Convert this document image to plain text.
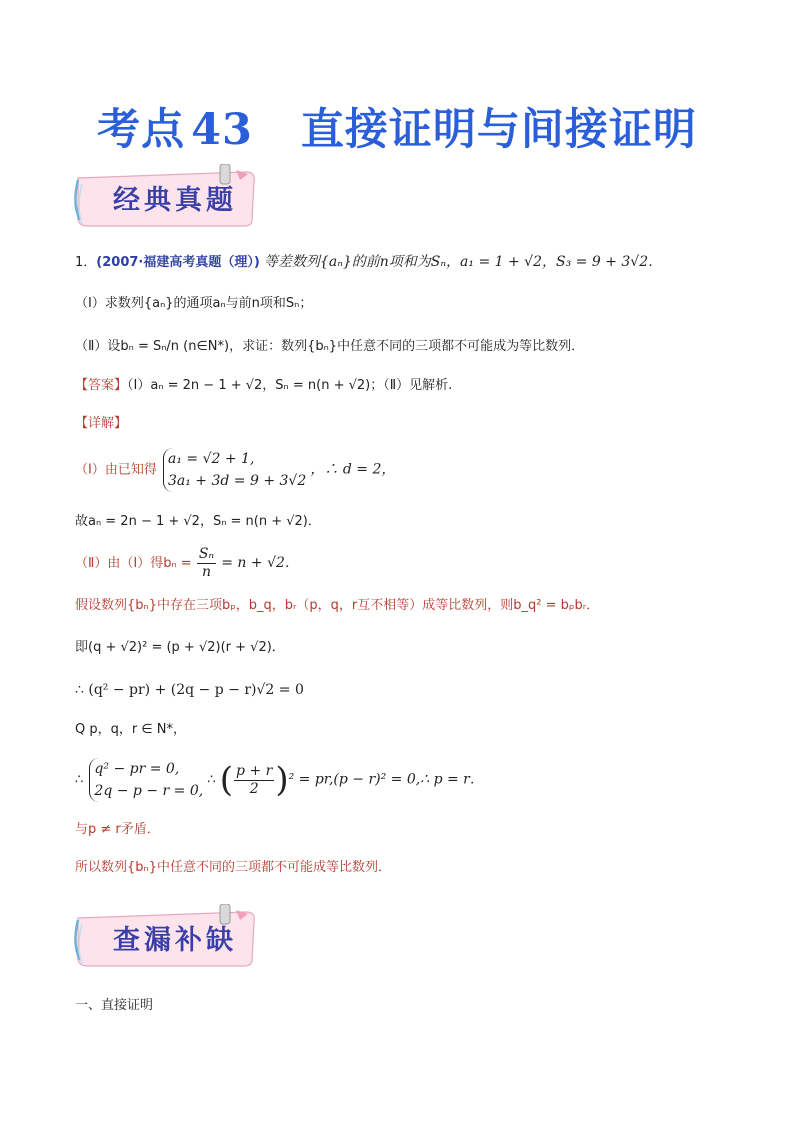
考点 43 直接证明与间接证明
经典真题
1．(2007·福建高考真题（理）) 等差数列{aₙ}的前n项和为Sₙ，a₁ = 1 + √2，S₃ = 9 + 3√2．
（Ⅰ）求数列{aₙ}的通项aₙ与前n项和Sₙ；
（Ⅱ）设bₙ = Sₙ/n (n∈N*)，求证：数列{bₙ}中任意不同的三项都不可能成为等比数列．
【答案】（Ⅰ）aₙ = 2n − 1 + √2，Sₙ = n(n + √2)；（Ⅱ）见解析.
【详解】
（Ⅰ）由已知得
a₁ = √2 + 1,
3a₁ + 3d = 9 + 3√2
，∴ d = 2，
故aₙ = 2n − 1 + √2，Sₙ = n(n + √2)．
（Ⅱ）由（Ⅰ）得$b_n = \frac{\text{Sₙ}}{n} = n + √2$．
假设数列{bₙ}中存在三项bₚ，b_q，bᵣ（p，q，r互不相等）成等比数列，则b_q² = bₚbᵣ．
即(q + √2)² = (p + √2)(r + √2)．
∴ (q² − pr) + (2q − p − r)√2 = 0
Q p，q，r ∈ N*，
∴
q² − pr = 0,
2q − p − r = 0,
∴ ( $\frac{p + r}{2} )^2 = pr,(p - r)^2$ = 0,∴ p = r．
与p ≠ r矛盾．
所以数列{bₙ}中任意不同的三项都不可能成等比数列．
查漏补缺
一、直接证明
